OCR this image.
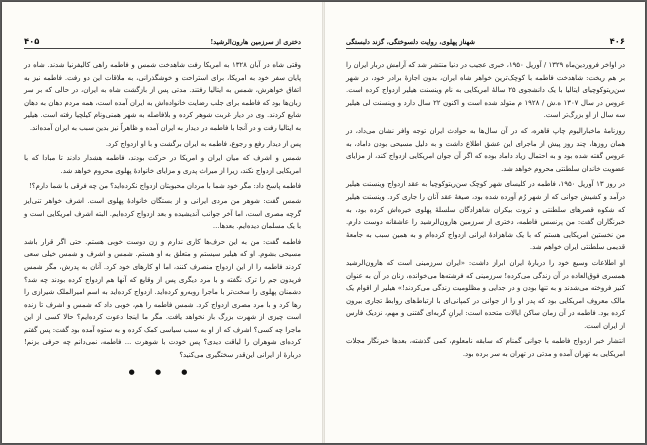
دختری از سرزمین هارون‌الرشید!
۴۰۵

وقتی شاه در آبان ۱۳۲۸ به امریکا رفت شاهدخت شمس و فاطمه راهی کالیفرنیا شدند. شاه در پایان سفر خود به امریکا، برای استراحت و خوشگذرانی، به ملاقات این دو رفت. فاطمه نیز به اتفاق خواهرش، شمس به ایتالیا رفتند. مدتی پس از بازگشت شاه به ایران، در حالی که بر سر زبان‌ها بود که فاطمه برای جلب رضایت خانواده‌اش به ایران آمده است، همه مردم دهان به دهان شایع کردند. وی در دیار غربت شوهر کرده و بلافاصله به شهر همنی‌ونام کیلچیا رفته است. هیلیر به ایتالیا رفت و در آنجا با فاطمه در دیدار به ایران آمده و ظاهراً نیز بدین سبب به ایران آمده‌اند.

پس از دیدار رفع و رجوع، فاطمه به ایران برگشت و با او ازدواج کرد.

شمس و اشرف که میان ایران و امریکا در حرکت بودند، فاطمه هشدار دادند تا مبادا که با امریکایی ازدواج نکند، زیرا از میراث پدری و مزایای خانوادهٔ پهلوی محروم خواهد شد.

فاطمه پاسخ داد: مگر خود شما با مردان محبوبتان ازدواج نکرده‌اید؟ من چه فرقی با شما دارم؟!

شمس گفت: شوهر من مردی ایرانی و از بستگان خانوادهٔ پهلوی است. اشرف خواهر تنی‌ایز گرچه مصری است، اما آخر جوانب آندیشیده و بعد ازدواج کرده‌ایم. البته اشرف امریکایی است و با یک مسلمان دیده‌ایم. بعدها...

فاطمه گفت: من به این حرف‌ها کاری ندارم و زن دوست خوبی هستم. حتی اگر قرار باشد مسیحی بشوم. او که هیلیر سیستم و متعلق به او هستم. شمس و اشرف و شمس خیلی سعی کردند فاطمه را از این ازدواج منصرف کنند، اما او کارهای خود کرد. آنان به پدرش، مگر شمس فریدون جم را ترک نگفته و با مرد دیگری پس از وقایع که آنها هم ازدواج کرده بودند چه شد؟ دشمنان پهلوی را سخت‌تر با ماجرا روبه‌رو کرده‌اید. ازدواج کرده‌اید به اسم امیرالملک شیرازی را رها کرد و با مرد مصری ازدواج کرد. شمس فاطمه را هم، خوبی داد که شمس و اشرف تا زنده است چیزی از شهرت بزرگ باز نخواهد یافت. مگر ما اینجا دعوت کرده‌ایم؟ حالا کسی از این ماجرا چه کسی؟ اشرف که از او به سبب سیاسی کمک کرده و به ستوه آمده بود گفت: پس گفتم کرده‌ای شوهران را لیاقت دیدی؟ پس خودت با شوهرت ... فاطمه، نمی‌دانم چه حرفی بزنم! دربارهٔ از ایرانی این‌قدر سختگیری می‌کنید؟

● ● ●
۴۰۶
شهناز پهلوی، روایت دلسوختگی، گزند دلبستگی

در اواخر فروردین‌ماه ۱۳۲۹ / آوریل ۱۹۵۰، خبری عجیب در دنیا منتشر شد که آرامش دربار ایران را بر هم ریخت: شاهدخت فاطمه با کوچک‌ترین خواهر شاه ایران، بدون اجازهٔ برادر خود، در شهر سن‌ریتوکوچیای ایتالیا با یک دانشجوی ۲۵ سالهٔ امریکایی به نام وینسنت هیلیر ازدواج کرده است. عروس در سال ۱۳۰۷ ه.ش / ۱۹۲۸ م متولد شده است و اکنون ۲۲ سال دارد و وینسنت لی هیلیر سه سال از او بزرگ‌تر است.

روزنامهٔ ماخبارالیوم چاپ قاهره، که در آن سال‌ها به حوادث ایران توجه وافر نشان می‌داد، در همان روزها، چند روز پیش از ماجرای این عشق اطلاع داشت و به دلیل مسیحی بودن داماد، به عروس گفته شده بود و به احتمال زیاد داماد بوده که اگر آن جوان امریکایی ازدواج کند، از مزایای عضویت خاندان سلطنتی محروم خواهد شد.

در روز ۱۳ آوریل ۱۹۵۰، فاطمه در کلیسای شهر کوچک سن‌ریتوکوچیا به عقد ازدواج وینسنت هیلیر درآمد و کشیش جوانی که از شهر رُم آورده شده بود، صیغهٔ عقد آنان را جاری کرد. وینسنت هیلیر که شکوه قصرهای سلطنتی و ثروت بیکران شاهزادگان سلسلهٔ پهلوی خیره‌اش کرده بود، به خبرنگاران گفت: من پرنسس فاطمه، دختری از سرزمین هارون‌الرشید را عاشقانه دوست دارم. من نخستین امریکایی هستم که با یک شاهزادهٔ ایرانی ازدواج کرده‌ام و به همین سبب به جامعهٔ قدیمی سلطنتی ایران خواهم شد.

او اطلاعات وسیع خود را دربارهٔ ایران ابراز داشت: «ایران سرزمینی است که هارون‌الرشید همسری فوق‌العاده در آن زندگی می‌کرده! سرزمینی که فرشته‌ها می‌خوانده، زنان در آن به عنوان کنیز فروخته می‌شدند و به تنها بودن و در جدایی و مظلومیت زندگی می‌کردند!» هیلیر از اقوام یک مالک معروف امریکایی بود که پدر او را از جوانی در کمپانی‌ای با ارتباط‌های روابط تجاری بیرون کرده بود. فاطمه در آن زمان ساکن ایالات متحده است: ایرانِ گربه‌ای گفتنی و مهم، نزدیک فارس از ایران است.

انتشار خبر ازدواج فاطمه با جوانی گمنام که سابقه نامعلوم، کمی گذشته، بعدها خبرنگار مجلات امریکایی به تهران آمده و مدتی در تهران به سر برده بود.
